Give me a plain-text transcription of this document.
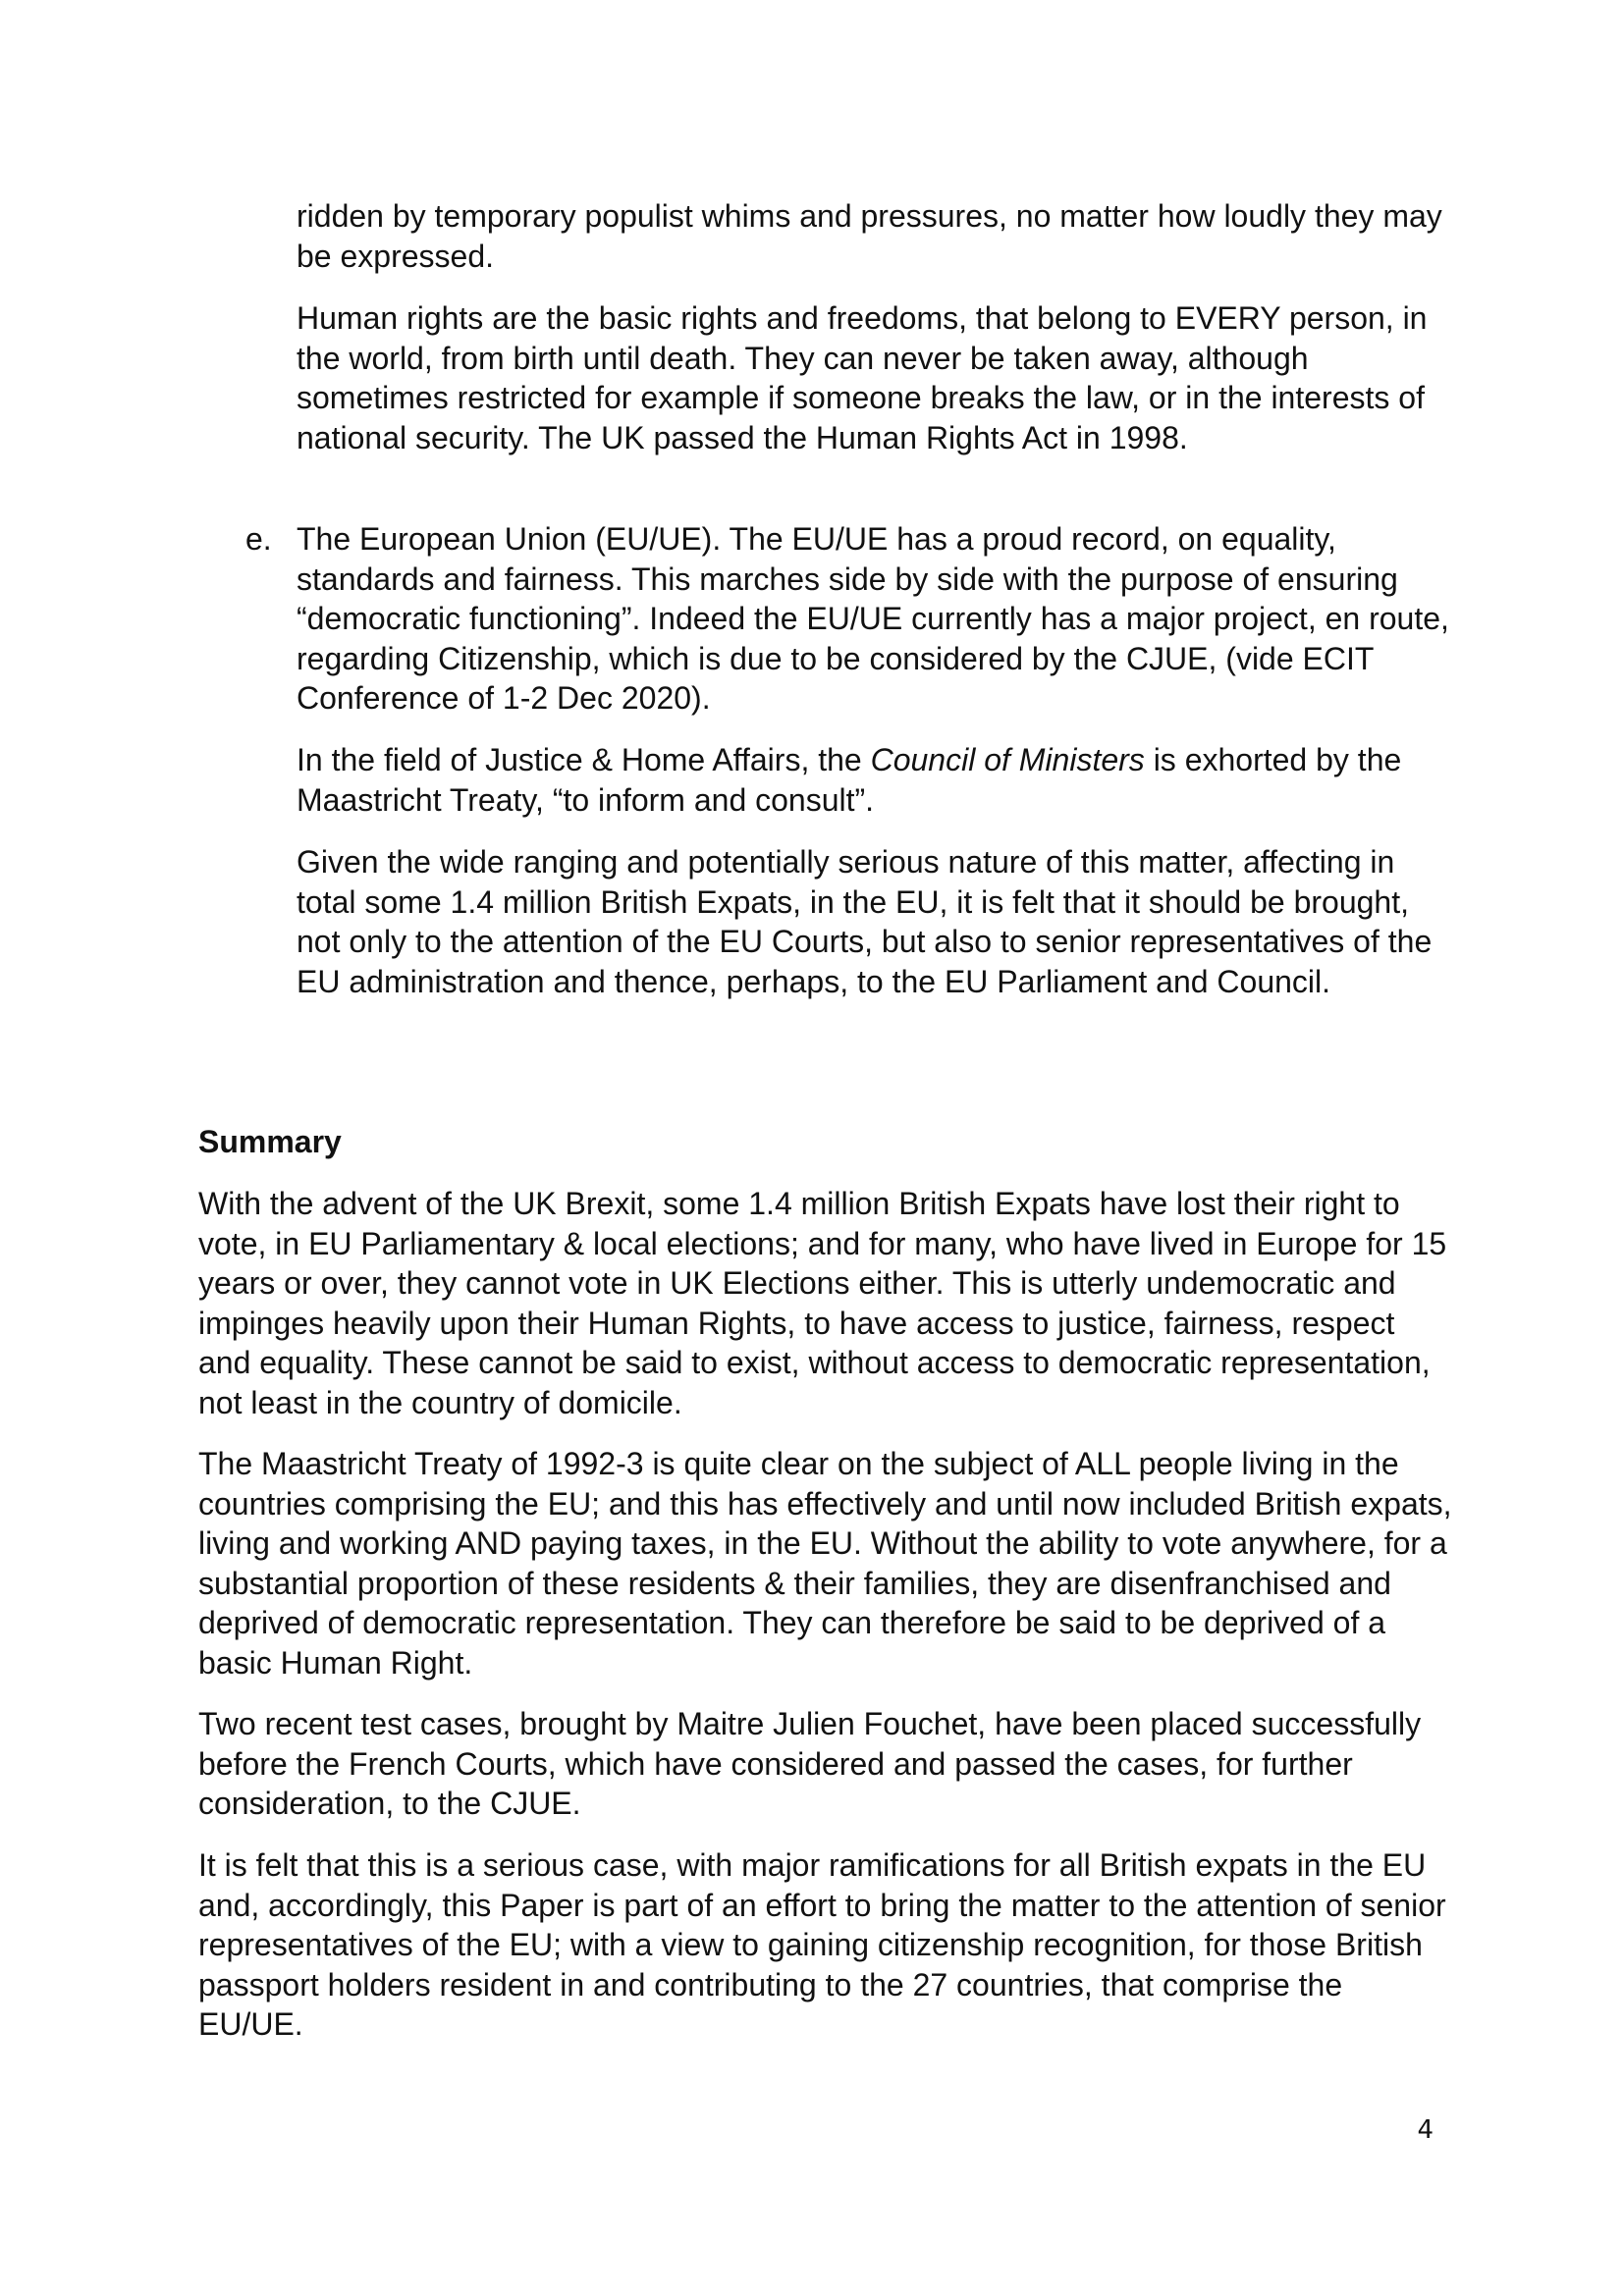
ridden by temporary populist whims and pressures, no matter how loudly they may be expressed.

Human rights are the basic rights and freedoms, that belong to EVERY person, in the world, from birth until death. They can never be taken away, although sometimes restricted for example if someone breaks the law, or in the interests of national security. The UK passed the Human Rights Act in 1998.

e. The European Union (EU/UE). The EU/UE has a proud record, on equality, standards and fairness. This marches side by side with the purpose of ensuring “democratic functioning”. Indeed the EU/UE currently has a major project, en route, regarding Citizenship, which is due to be considered by the CJUE, (vide ECIT Conference of 1-2 Dec 2020).

In the field of Justice & Home Affairs, the Council of Ministers is exhorted by the Maastricht Treaty, “to inform and consult”.

Given the wide ranging and potentially serious nature of this matter, affecting in total some 1.4 million British Expats, in the EU, it is felt that it should be brought, not only to the attention of the EU Courts, but also to senior representatives of the EU administration and thence, perhaps, to the EU Parliament and Council.

Summary

With the advent of the UK Brexit, some 1.4 million British Expats have lost their right to vote, in EU Parliamentary & local elections; and for many, who have lived in Europe for 15 years or over, they cannot vote in UK Elections either. This is utterly undemocratic and impinges heavily upon their Human Rights, to have access to justice, fairness, respect and equality. These cannot be said to exist, without access to democratic representation, not least in the country of domicile.

The Maastricht Treaty of 1992-3 is quite clear on the subject of ALL people living in the countries comprising the EU; and this has effectively and until now included British expats, living and working AND paying taxes, in the EU. Without the ability to vote anywhere, for a substantial proportion of these residents & their families, they are disenfranchised and deprived of democratic representation. They can therefore be said to be deprived of a basic Human Right.

Two recent test cases, brought by Maitre Julien Fouchet, have been placed successfully before the French Courts, which have considered and passed the cases, for further consideration, to the CJUE.

It is felt that this is a serious case, with major ramifications for all British expats in the EU and, accordingly, this Paper is part of an effort to bring the matter to the attention of senior representatives of the EU; with a view to gaining citizenship recognition, for those British passport holders resident in and contributing to the 27 countries, that comprise the EU/UE.

4
